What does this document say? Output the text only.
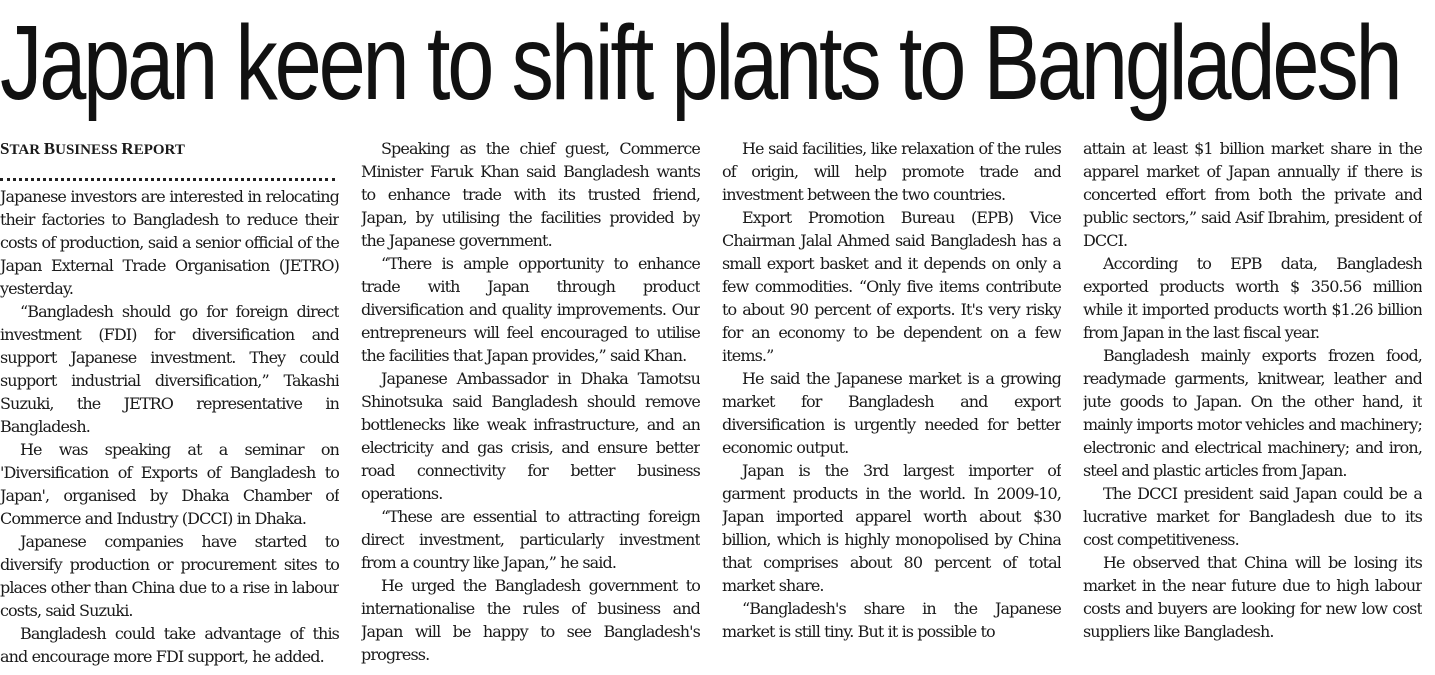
Japan keen to shift plants to Bangladesh
STAR BUSINESS REPORT

Japanese investors are interested in relocating their factories to Bangladesh to reduce their costs of production, said a senior official of the Japan External Trade Organisation (JETRO) yesterday.

“Bangladesh should go for foreign direct investment (FDI) for diversification and support Japanese investment. They could support industrial diversification,” Takashi Suzuki, the JETRO representative in Bangladesh.

He was speaking at a seminar on 'Diversification of Exports of Bangladesh to Japan', organised by Dhaka Chamber of Commerce and Industry (DCCI) in Dhaka.

Japanese companies have started to diversify production or procurement sites to places other than China due to a rise in labour costs, said Suzuki.

Bangladesh could take advantage of this and encourage more FDI support, he added.

Speaking as the chief guest, Commerce Minister Faruk Khan said Bangladesh wants to enhance trade with its trusted friend, Japan, by utilising the facilities provided by the Japanese government.

“There is ample opportunity to enhance trade with Japan through product diversification and quality improvements. Our entrepreneurs will feel encouraged to utilise the facilities that Japan provides,” said Khan.

Japanese Ambassador in Dhaka Tamotsu Shinotsuka said Bangladesh should remove bottlenecks like weak infrastructure, and an electricity and gas crisis, and ensure better road connectivity for better business operations.

“These are essential to attracting foreign direct investment, particularly investment from a country like Japan,” he said.

He urged the Bangladesh government to internationalise the rules of business and Japan will be happy to see Bangladesh's progress.

He said facilities, like relaxation of the rules of origin, will help promote trade and investment between the two countries.

Export Promotion Bureau (EPB) Vice Chairman Jalal Ahmed said Bangladesh has a small export basket and it depends on only a few commodities. “Only five items contribute to about 90 percent of exports. It's very risky for an economy to be dependent on a few items.”

He said the Japanese market is a growing market for Bangladesh and export diversification is urgently needed for better economic output.

Japan is the 3rd largest importer of garment products in the world. In 2009-10, Japan imported apparel worth about $30 billion, which is highly monopolised by China that comprises about 80 percent of total market share.

“Bangladesh's share in the Japanese market is still tiny. But it is possible to

attain at least $1 billion market share in the apparel market of Japan annually if there is concerted effort from both the private and public sectors,” said Asif Ibrahim, president of DCCI.

According to EPB data, Bangladesh exported products worth $ 350.56 million while it imported products worth $1.26 billion from Japan in the last fiscal year.

Bangladesh mainly exports frozen food, readymade garments, knitwear, leather and jute goods to Japan. On the other hand, it mainly imports motor vehicles and machinery; electronic and electrical machinery; and iron, steel and plastic articles from Japan.

The DCCI president said Japan could be a lucrative market for Bangladesh due to its cost competitiveness.

He observed that China will be losing its market in the near future due to high labour costs and buyers are looking for new low cost suppliers like Bangladesh.
